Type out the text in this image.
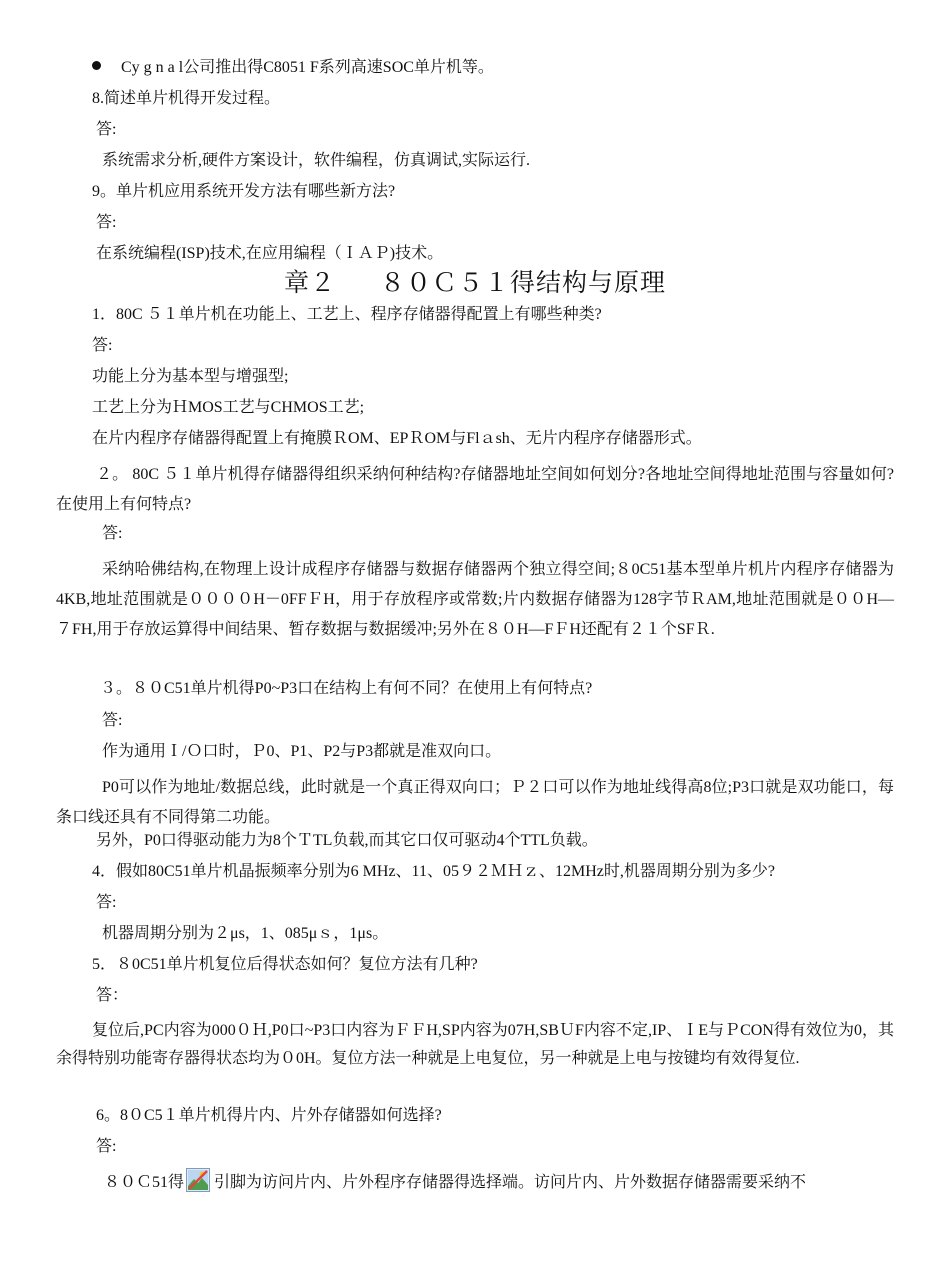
Cy g n a l公司推出得C8051 F系列高速SOC单片机等。
8.简述单片机得开发过程。
答:
系统需求分析,硬件方案设计，软件编程，仿真调试,实际运行.
9。单片机应用系统开发方法有哪些新方法?
答:
在系统编程(ISP)技术,在应用编程（ＩＡＰ)技术。
章２ ８０Ｃ５１得结构与原理
1．80C ５１单片机在功能上、工艺上、程序存储器得配置上有哪些种类?
答:
功能上分为基本型与增强型;
工艺上分为ＨMOS工艺与CHMOS工艺;
在片内程序存储器得配置上有掩膜ＲOM、EPＲOM与Flａsh、无片内程序存储器形式。
２。 80C ５１单片机得存储器得组织采纳何种结构?存储器地址空间如何划分?各地址空间得地址范围与容量如何?在使用上有何特点?
答:
采纳哈佛结构,在物理上设计成程序存储器与数据存储器两个独立得空间;８0C51基本型单片机片内程序存储器为4KB,地址范围就是００００H－0FFＦH，用于存放程序或常数;片内数据存储器为128字节ＲAM,地址范围就是００H—７FH,用于存放运算得中间结果、暂存数据与数据缓冲;另外在８０H—FＦH还配有２１个SFＲ.
３。８０C51单片机得P0~P3口在结构上有何不同？在使用上有何特点?
答:
作为通用Ｉ/Ｏ口时，Ｐ0、P1、P2与P3都就是准双向口。
P0可以作为地址/数据总线，此时就是一个真正得双向口；Ｐ２口可以作为地址线得高8位;P3口就是双功能口，每条口线还具有不同得第二功能。
另外，P0口得驱动能力为8个ＴTL负载,而其它口仅可驱动4个TTL负载。
4．假如80C51单片机晶振频率分别为6 MHz、11、05９２ＭＨｚ、12MHz时,机器周期分别为多少?
答:
机器周期分别为２μs，1、085μｓ，1μs。
5．８0C51单片机复位后得状态如何？复位方法有几种?
答：
复位后,PC内容为000０Ｈ,P0口~P3口内容为ＦＦH,SP内容为07H,SBＵF内容不定,IP、ＩE与ＰCON得有效位为0，其余得特别功能寄存器得状态均为０0H。复位方法一种就是上电复位，另一种就是上电与按键均有效得复位.
6。8０C5１单片机得片内、片外存储器如何选择?
答:
８０Ｃ51得 引脚为访问片内、片外程序存储器得选择端。访问片内、片外数据存储器需要采纳不
